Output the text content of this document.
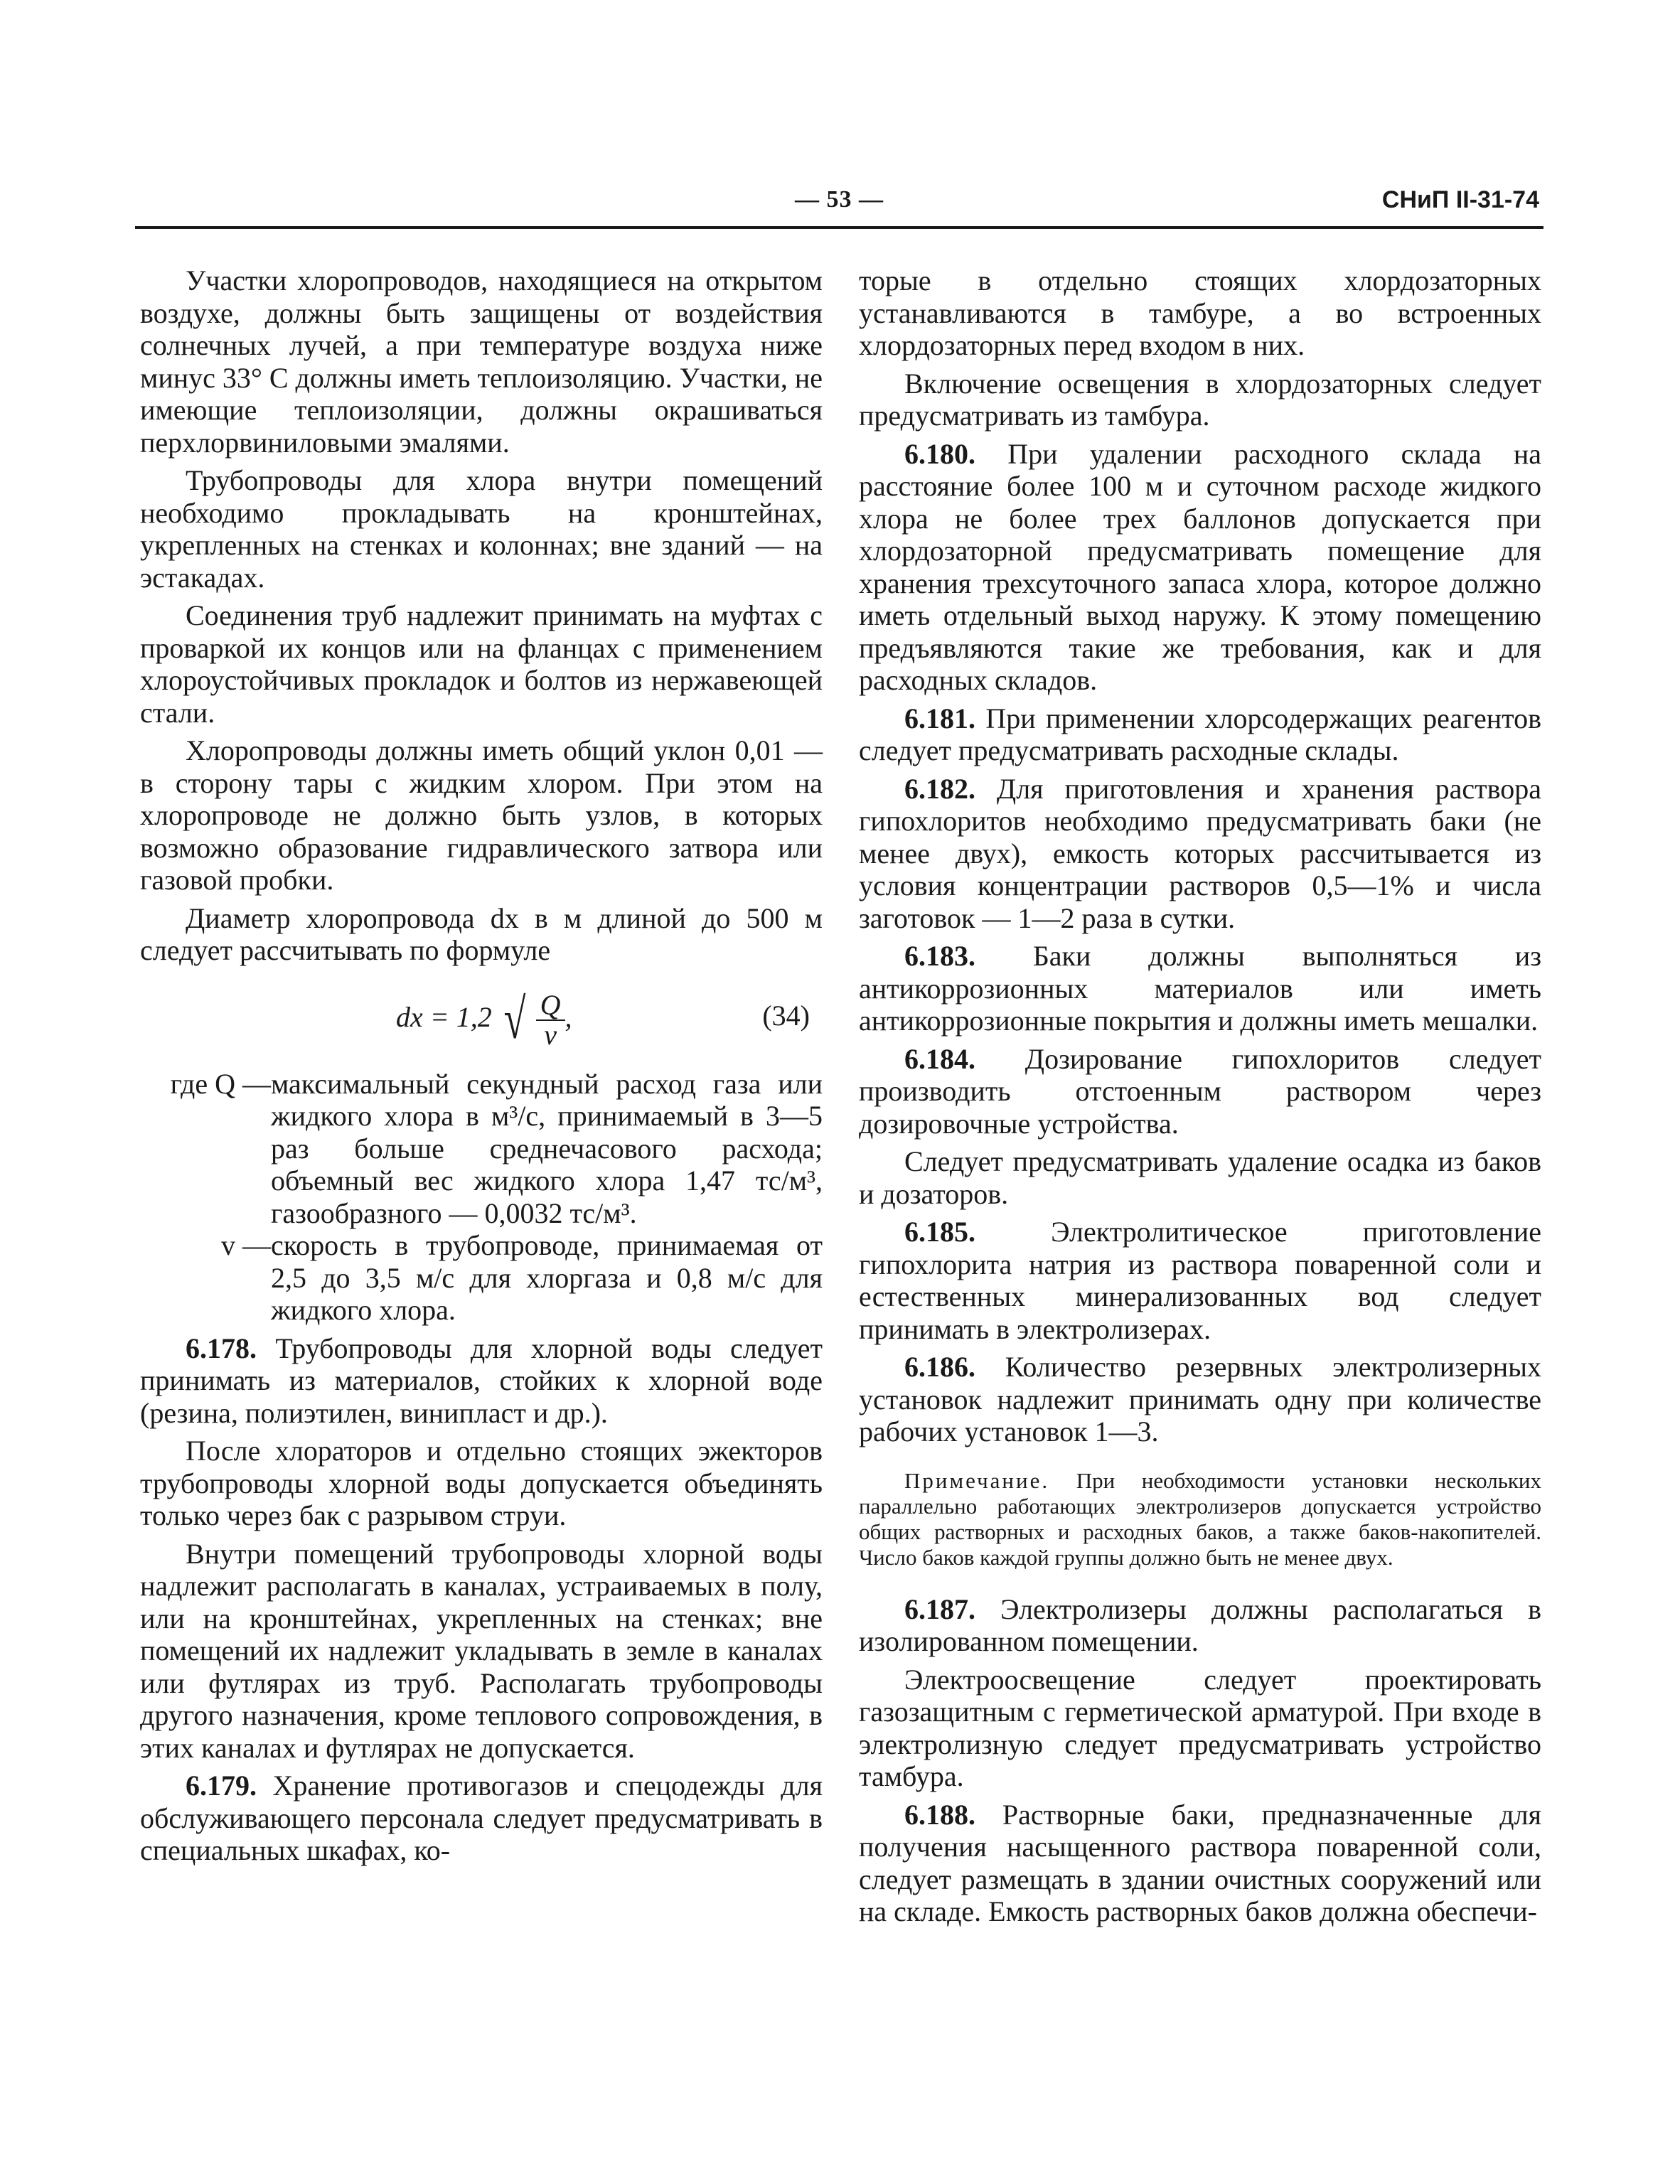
— 53 —	СНиП II-31-74

Участки хлоропроводов, находящиеся на открытом воздухе, должны быть защищены от воздействия солнечных лучей, а при температуре воздуха ниже минус 33° С должны иметь теплоизоляцию. Участки, не имеющие теплоизоляции, должны окрашиваться перхлорвиниловыми эмалями.

Трубопроводы для хлора внутри помещений необходимо прокладывать на кронштейнах, укрепленных на стенках и колоннах; вне зданий — на эстакадах.

Соединения труб надлежит принимать на муфтах с проваркой их концов или на фланцах с применением хлороустойчивых прокладок и болтов из нержавеющей стали.

Хлоропроводы должны иметь общий уклон 0,01 — в сторону тары с жидким хлором. При этом на хлоропроводе не должно быть узлов, в которых возможно образование гидравлического затвора или газовой пробки.

Диаметр хлоропровода dx в м длиной до 500 м следует рассчитывать по формуле

dx = 1,2 √ $\frac{Q}{v}$ ,	(34)
где Q — максимальный секундный расход газа или жидкого хлора в м³/с, принимаемый в 3—5 раз больше среднечасового расхода; объемный вес жидкого хлора 1,47 тс/м³, газообразного — 0,0032 тс/м³.
v — скорость в трубопроводе, принимаемая от 2,5 до 3,5 м/с для хлоргаза и 0,8 м/с для жидкого хлора.

6.178. Трубопроводы для хлорной воды следует принимать из материалов, стойких к хлорной воде (резина, полиэтилен, винипласт и др.).

После хлораторов и отдельно стоящих эжекторов трубопроводы хлорной воды допускается объединять только через бак с разрывом струи.

Внутри помещений трубопроводы хлорной воды надлежит располагать в каналах, устраиваемых в полу, или на кронштейнах, укрепленных на стенках; вне помещений их надлежит укладывать в земле в каналах или футлярах из труб. Располагать трубопроводы другого назначения, кроме теплового сопровождения, в этих каналах и футлярах не допускается.

6.179. Хранение противогазов и спецодежды для обслуживающего персонала следует предусматривать в специальных шкафах, ко-

торые в отдельно стоящих хлордозаторных устанавливаются в тамбуре, а во встроенных хлордозаторных перед входом в них.

Включение освещения в хлордозаторных следует предусматривать из тамбура.

6.180. При удалении расходного склада на расстояние более 100 м и суточном расходе жидкого хлора не более трех баллонов допускается при хлордозаторной предусматривать помещение для хранения трехсуточного запаса хлора, которое должно иметь отдельный выход наружу. К этому помещению предъявляются такие же требования, как и для расходных складов.

6.181. При применении хлорсодержащих реагентов следует предусматривать расходные склады.

6.182. Для приготовления и хранения раствора гипохлоритов необходимо предусматривать баки (не менее двух), емкость которых рассчитывается из условия концентрации растворов 0,5—1% и числа заготовок — 1—2 раза в сутки.

6.183. Баки должны выполняться из антикоррозионных материалов или иметь антикоррозионные покрытия и должны иметь мешалки.

6.184. Дозирование гипохлоритов следует производить отстоенным раствором через дозировочные устройства.

Следует предусматривать удаление осадка из баков и дозаторов.

6.185.	Электролитическое приготовление гипохлорита натрия из раствора поваренной соли и естественных минерализованных вод следует принимать в электролизерах.

6.186. Количество резервных электролизерных установок надлежит принимать одну при количестве рабочих установок 1—3.

Примечание. При необходимости установки нескольких параллельно работающих электролизеров допускается устройство общих растворных и расходных баков, а также баков-накопителей. Число баков каждой группы должно быть не менее двух.

6.187. Электролизеры должны располагаться в изолированном помещении.

Электроосвещение следует проектировать газозащитным с герметической арматурой. При входе в электролизную следует предусматривать устройство тамбура.

6.188. Растворные баки, предназначенные для получения насыщенного раствора поваренной соли, следует размещать в здании очистных сооружений или на складе. Емкость растворных баков должна обеспечи-
